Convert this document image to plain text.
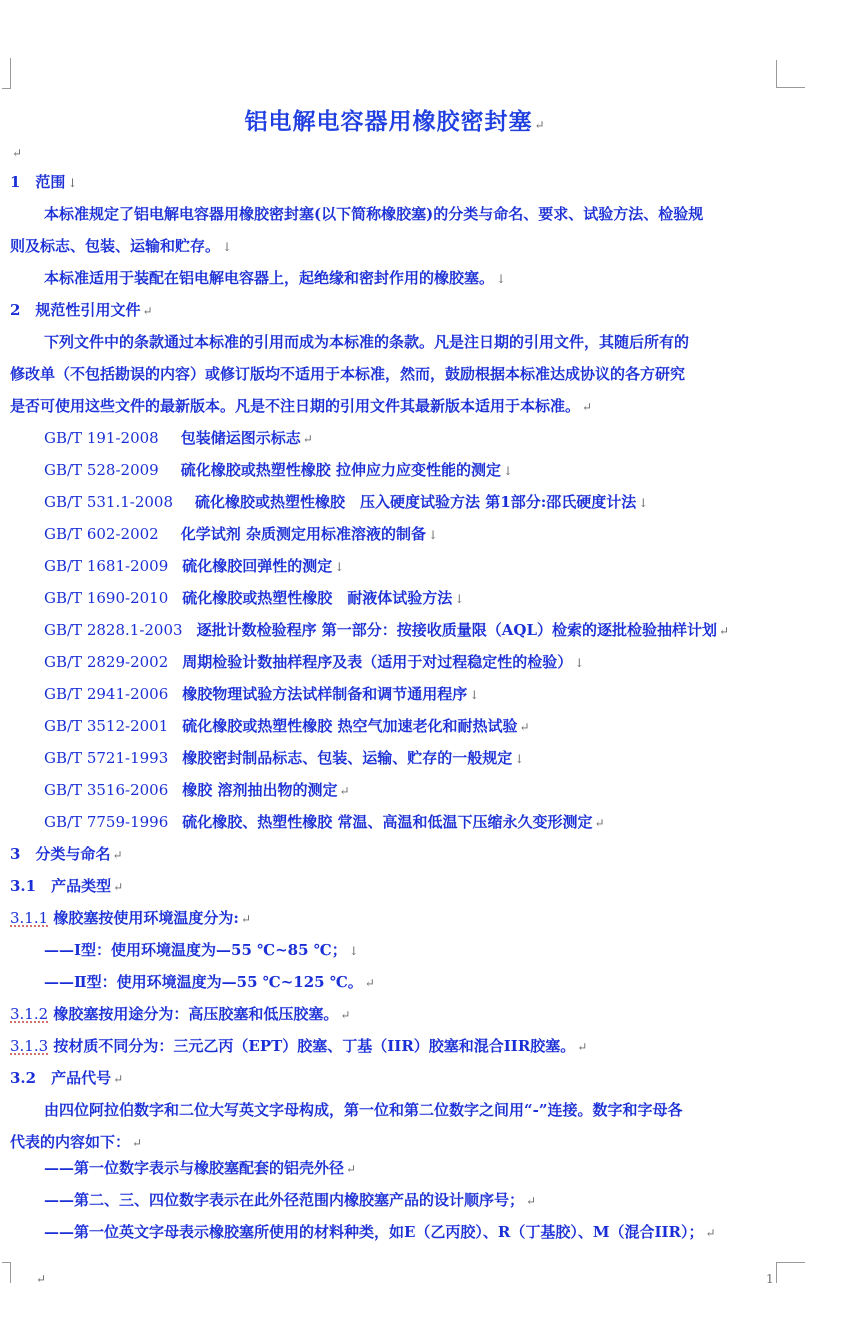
铝电解电容器用橡胶密封塞 ↵
↵
1　范围 ↓
本标准规定了铝电解电容器用橡胶密封塞(以下简称橡胶塞)的分类与命名、要求、试验方法、检验规
则及标志、包装、运输和贮存。 ↓
本标准适用于装配在铝电解电容器上，起绝缘和密封作用的橡胶塞。 ↓
2　规范性引用文件 ↵
下列文件中的条款通过本标准的引用而成为本标准的条款。凡是注日期的引用文件，其随后所有的
修改单（不包括勘误的内容）或修订版均不适用于本标准，然而，鼓励根据本标准达成协议的各方研究
是否可使用这些文件的最新版本。凡是不注日期的引用文件其最新版本适用于本标准。 ↵
GB/T 191-2008 包装储运图示标志 ↵
GB/T 528-2009 硫化橡胶或热塑性橡胶 拉伸应力应变性能的测定 ↓
GB/T 531.1-2008 硫化橡胶或热塑性橡胶　压入硬度试验方法 第1部分:邵氏硬度计法 ↓
GB/T 602-2002 化学试剂 杂质测定用标准溶液的制备 ↓
GB/T 1681-2009 硫化橡胶回弹性的测定 ↓
GB/T 1690-2010 硫化橡胶或热塑性橡胶　耐液体试验方法 ↓
GB/T 2828.1-2003 逐批计数检验程序 第一部分：按接收质量限（AQL）检索的逐批检验抽样计划 ↵
GB/T 2829-2002 周期检验计数抽样程序及表（适用于对过程稳定性的检验） ↓
GB/T 2941-2006 橡胶物理试验方法试样制备和调节通用程序 ↓
GB/T 3512-2001 硫化橡胶或热塑性橡胶 热空气加速老化和耐热试验 ↵
GB/T 5721-1993 橡胶密封制品标志、包装、运输、贮存的一般规定 ↓
GB/T 3516-2006 橡胶 溶剂抽出物的测定 ↵
GB/T 7759-1996 硫化橡胶、热塑性橡胶 常温、高温和低温下压缩永久变形测定 ↵
3　分类与命名 ↵
3.1　产品类型 ↵
3.1.1 橡胶塞按使用环境温度分为: ↵
——Ⅰ型：使用环境温度为—55 ℃~85 ℃； ↓
——Ⅱ型：使用环境温度为—55 ℃~125 ℃。 ↵
3.1.2 橡胶塞按用途分为：高压胶塞和低压胶塞。 ↵
3.1.3 按材质不同分为：三元乙丙（EPT）胶塞、丁基（IIR）胶塞和混合IIR胶塞。 ↵
3.2　产品代号 ↵
由四位阿拉伯数字和二位大写英文字母构成，第一位和第二位数字之间用“-”连接。数字和字母各
代表的内容如下： ↵
——第一位数字表示与橡胶塞配套的铝壳外径 ↵
——第二、三、四位数字表示在此外径范围内橡胶塞产品的设计顺序号； ↵
——第一位英文字母表示橡胶塞所使用的材料种类，如E（乙丙胶）、R（丁基胶）、M（混合IIR）； ↵
↵	1
